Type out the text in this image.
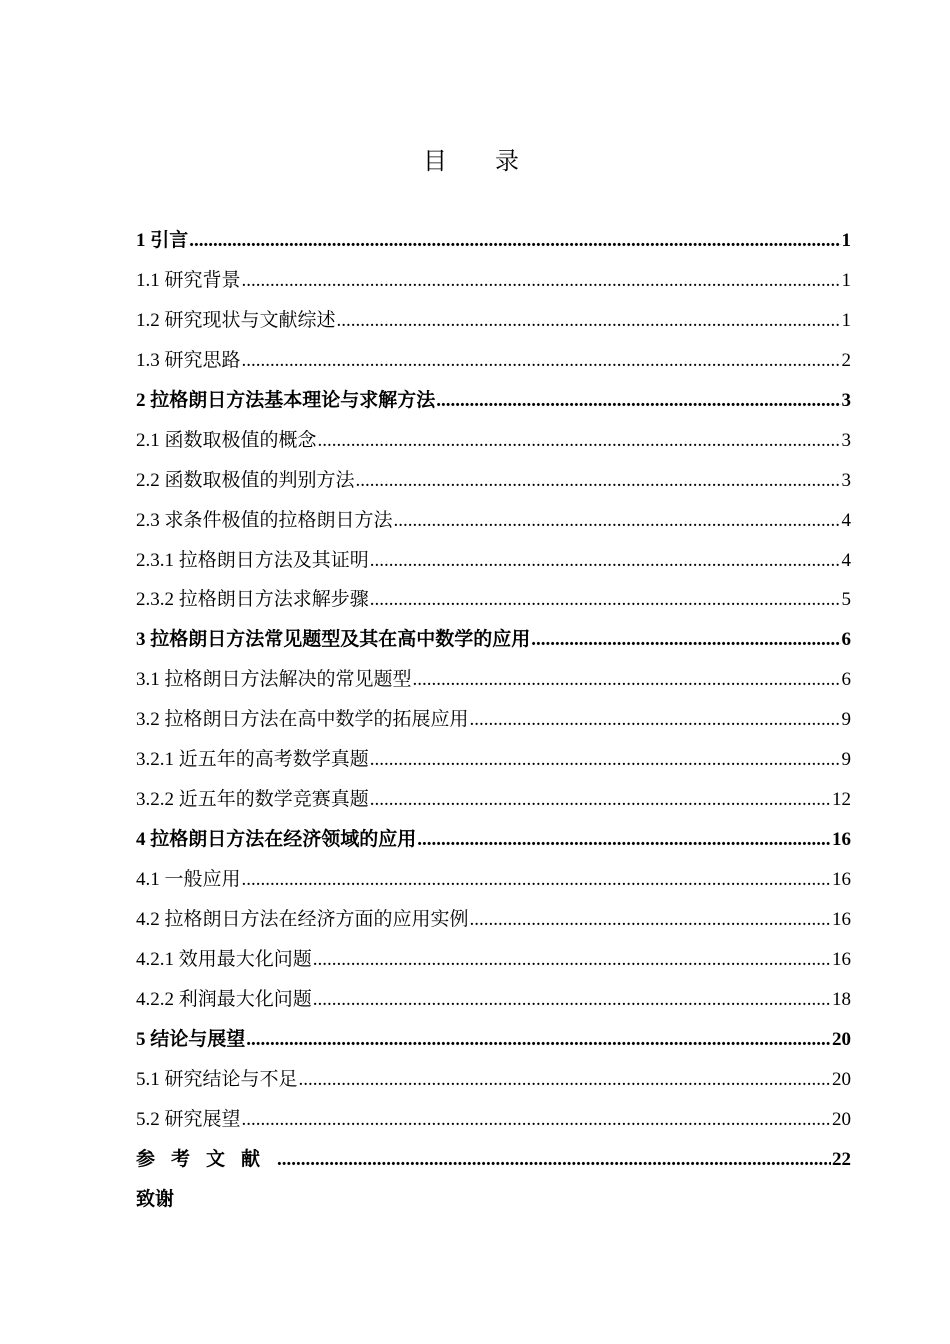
目录
1 引言 .....	1
1.1 研究背景 .....	1
1.2 研究现状与文献综述 .....	1
1.3 研究思路 .....	2
2 拉格朗日方法基本理论与求解方法 .....	3
2.1 函数取极值的概念 .....	3
2.2 函数取极值的判别方法 .....	3
2.3 求条件极值的拉格朗日方法 .....	4
2.3.1 拉格朗日方法及其证明 .....	4
2.3.2 拉格朗日方法求解步骤 .....	5
3 拉格朗日方法常见题型及其在高中数学的应用 .....	6
3.1 拉格朗日方法解决的常见题型 .....	6
3.2 拉格朗日方法在高中数学的拓展应用 .....	9
3.2.1 近五年的高考数学真题 .....	9
3.2.2 近五年的数学竞赛真题 .....	12
4 拉格朗日方法在经济领域的应用 .....	16
4.1 一般应用 .....	16
4.2 拉格朗日方法在经济方面的应用实例 .....	16
4.2.1 效用最大化问题 .....	16
4.2.2 利润最大化问题 .....	18
5 结论与展望 .....	20
5.1 研究结论与不足 .....	20
5.2 研究展望 .....	20
参考文献 .....	22
致谢
